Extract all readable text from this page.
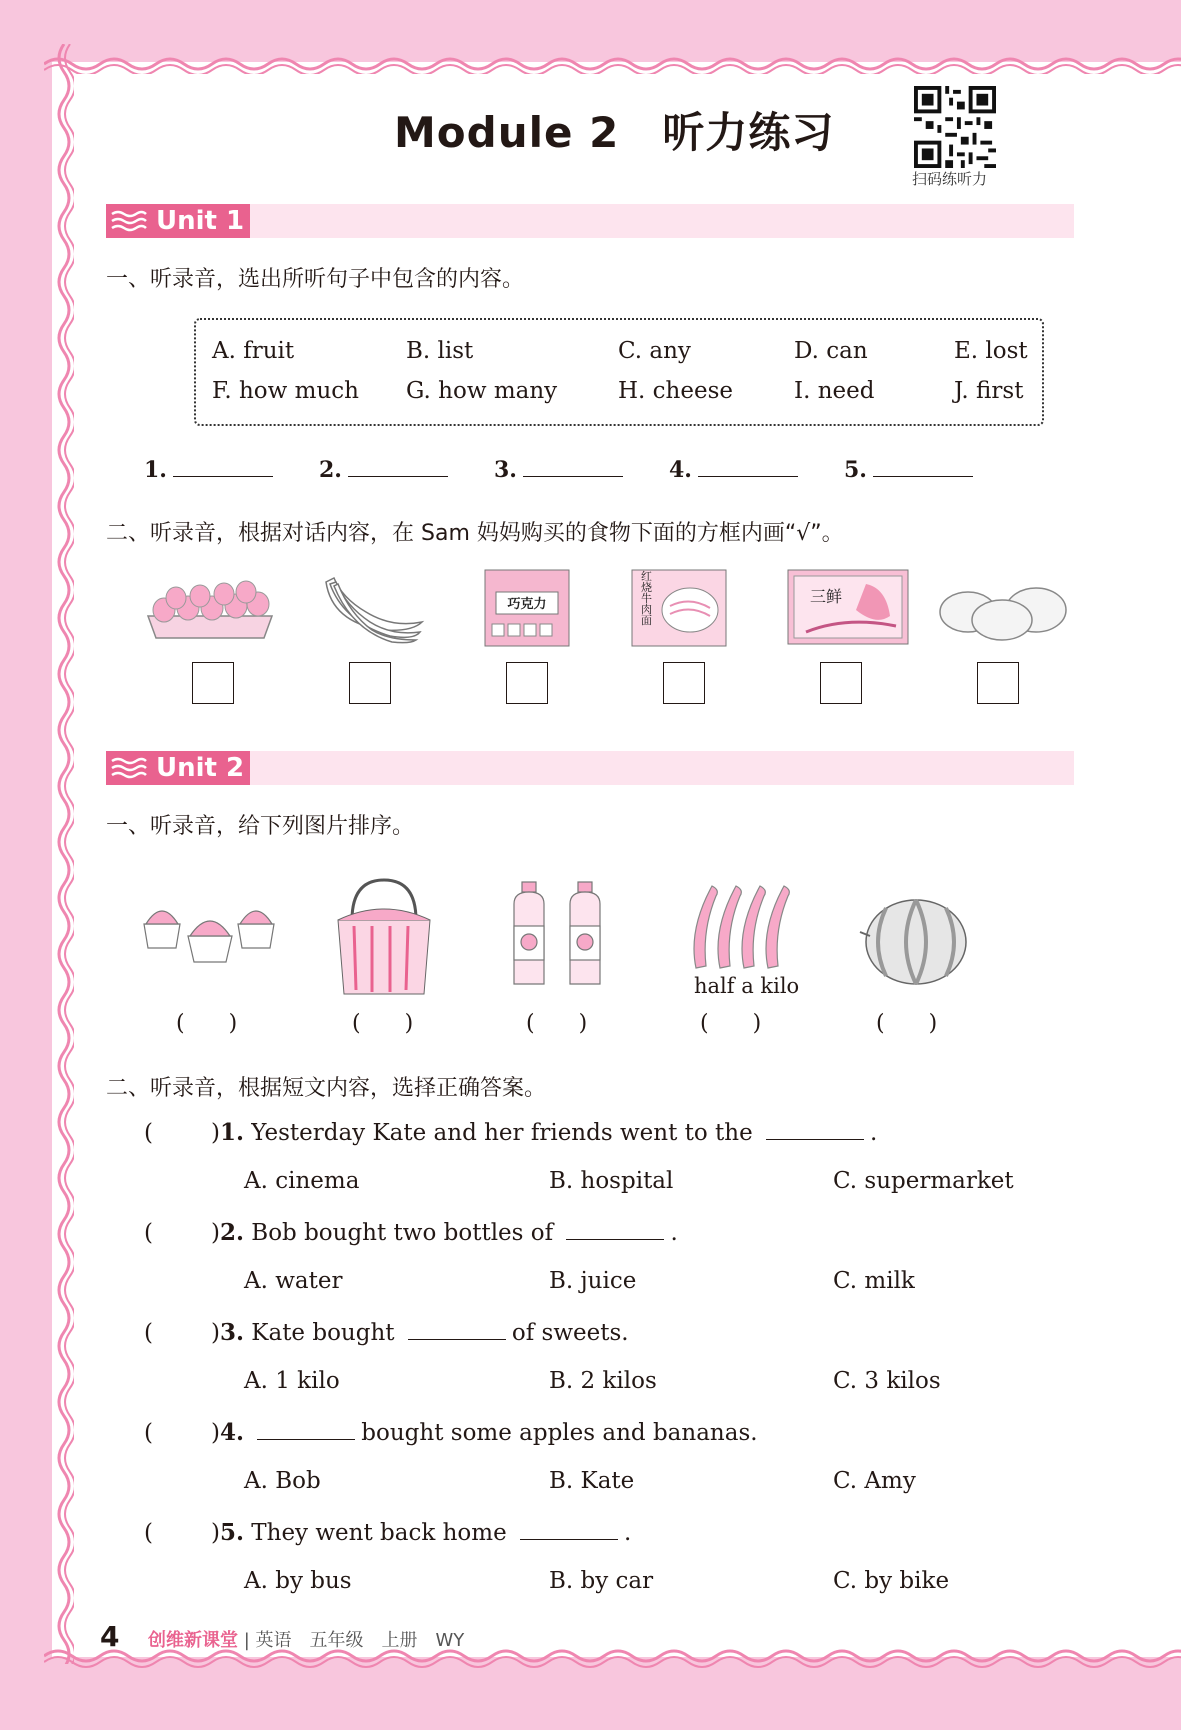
Module 2　听力练习
扫码练听力
Unit 1
一、听录音，选出所听句子中包含的内容。
A. fruit	B. list	C. any	D. can	E. lost
F. how much G. how many	H. cheese	I. need	J. first
1.	2.	3.	4.	5.
二、听录音，根据对话内容，在 Sam 妈妈购买的食物下面的方框内画“√”。
巧克力	红烧牛肉面	三鲜
Unit 2
一、听录音，给下列图片排序。
half a kilo
(　　)	(　　)	(　　)	(　　)	(　　)
二、听录音，根据短文内容，选择正确答案。
(	)1. Yesterday Kate and her friends went to the	.
A. cinema	B. hospital	C. supermarket
(	)2. Bob bought two bottles of	.
A. water	B. juice	C. milk
(	)3. Kate bought	of sweets.
A. 1 kilo	B. 2 kilos	C. 3 kilos
(	)4.	bought some apples and bananas.
A. Bob	B. Kate	C. Amy
(	)5. They went back home	.
A. by bus	B. by car	C. by bike
4 创维新课堂 | 英语　五年级　上册　WY
